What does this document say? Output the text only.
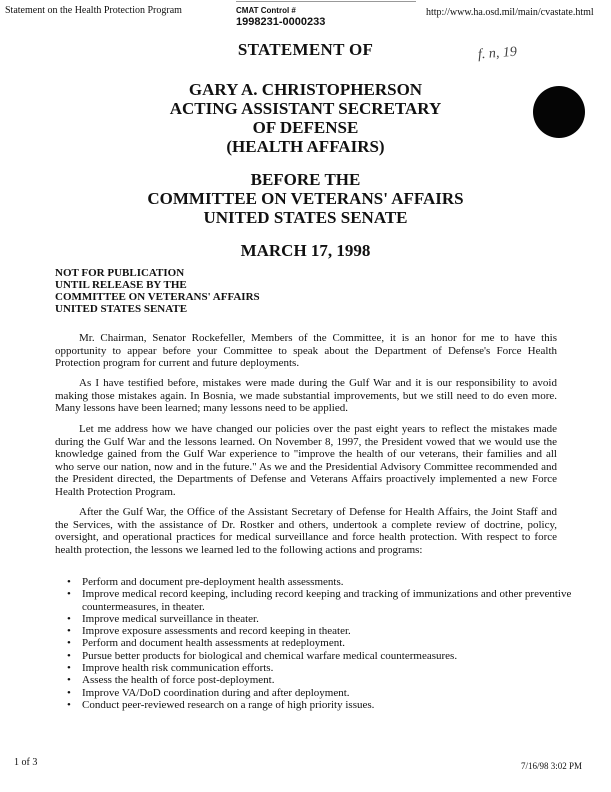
Statement on the Health Protection Program	CMAT Control #
1998231-0000233
http://www.ha.osd.mil/main/cvastate.html
f. n, 19
STATEMENT OF
GARY A. CHRISTOPHERSON
ACTING ASSISTANT SECRETARY
OF DEFENSE
(HEALTH AFFAIRS)
BEFORE THE
COMMITTEE ON VETERANS' AFFAIRS
UNITED STATES SENATE
MARCH 17, 1998
NOT FOR PUBLICATION
UNTIL RELEASE BY THE
COMMITTEE ON VETERANS' AFFAIRS
UNITED STATES SENATE

Mr. Chairman, Senator Rockefeller, Members of the Committee, it is an honor for me to have this opportunity to appear before your Committee to speak about the Department of Defense's Force Health Protection program for current and future deployments.

As I have testified before, mistakes were made during the Gulf War and it is our responsibility to avoid making those mistakes again. In Bosnia, we made substantial improvements, but we still need to do even more. Many lessons have been learned; many lessons need to be applied.

Let me address how we have changed our policies over the past eight years to reflect the mistakes made during the Gulf War and the lessons learned. On November 8, 1997, the President vowed that we would use the knowledge gained from the Gulf War experience to "improve the health of our veterans, their families and all who serve our nation, now and in the future." As we and the Presidential Advisory Committee recommended and the President directed, the Departments of Defense and Veterans Affairs proactively implemented a new Force Health Protection Program.

After the Gulf War, the Office of the Assistant Secretary of Defense for Health Affairs, the Joint Staff and the Services, with the assistance of Dr. Rostker and others, undertook a complete review of doctrine, policy, oversight, and operational practices for medical surveillance and force health protection. With respect to force health protection, the lessons we learned led to the following actions and programs:

• Perform and document pre-deployment health assessments.
• Improve medical record keeping, including record keeping and tracking of immunizations and other preventive countermeasures, in theater.
• Improve medical surveillance in theater.
• Improve exposure assessments and record keeping in theater.
• Perform and document health assessments at redeployment.
• Pursue better products for biological and chemical warfare medical countermeasures.
• Improve health risk communication efforts.
• Assess the health of force post-deployment.
• Improve VA/DoD coordination during and after deployment.
• Conduct peer-reviewed research on a range of high priority issues.
1 of 3	7/16/98 3:02 PM
